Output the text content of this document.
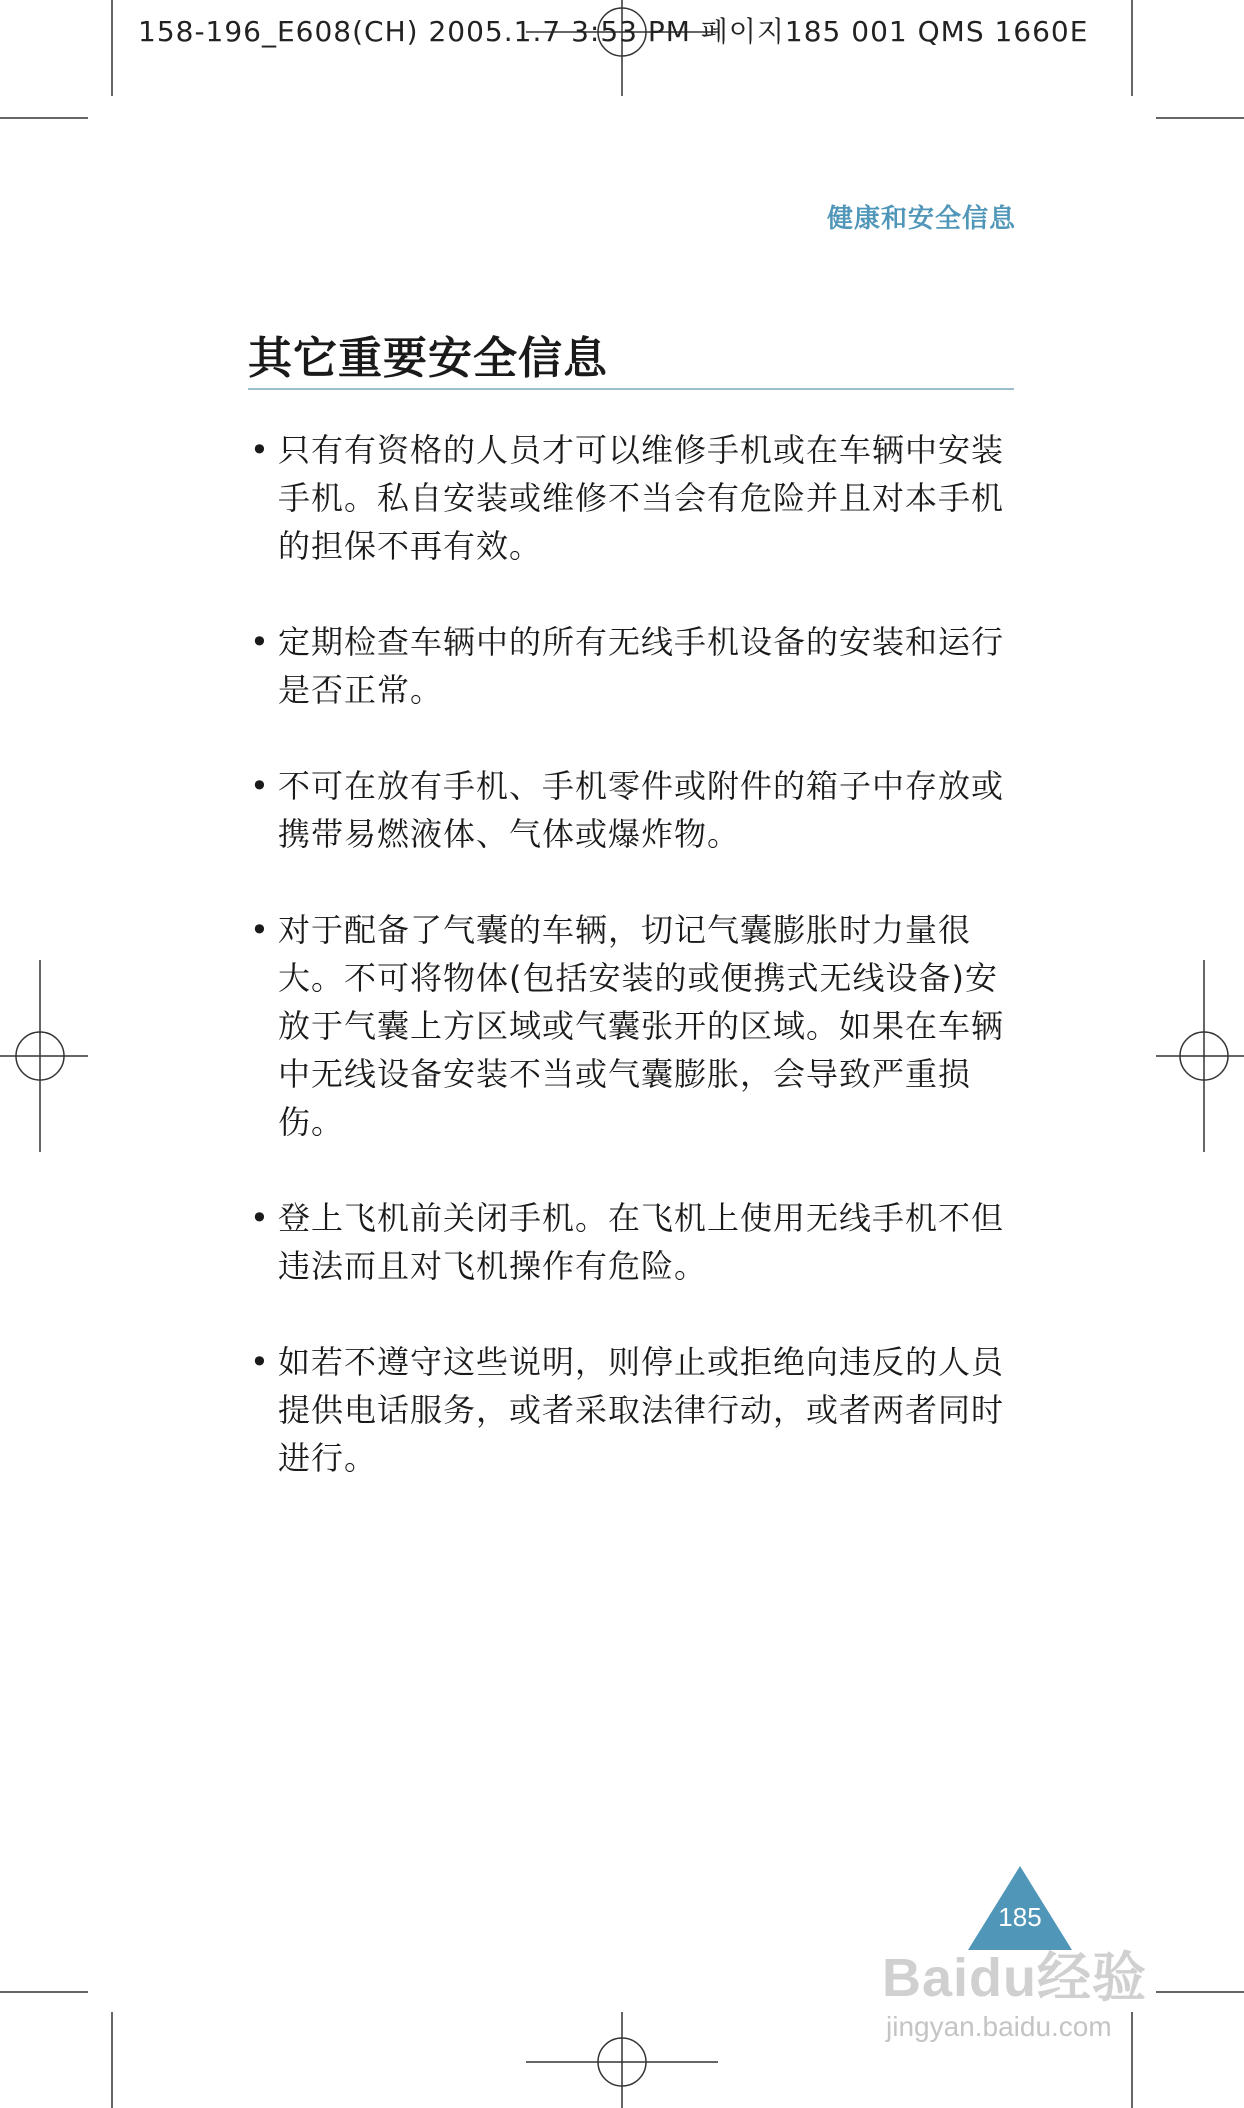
158-196_E608(CH) 2005.1.7 3:53 PM 페이지185 001 QMS 1660E
健康和安全信息
其它重要安全信息
• 只有有资格的人员才可以维修手机或在车辆中安装手机。私自安装或维修不当会有危险并且对本手机的担保不再有效。
• 定期检查车辆中的所有无线手机设备的安装和运行是否正常。
• 不可在放有手机、手机零件或附件的箱子中存放或携带易燃液体、气体或爆炸物。
• 对于配备了气囊的车辆，切记气囊膨胀时力量很大。不可将物体(包括安装的或便携式无线设备)安放于气囊上方区域或气囊张开的区域。如果在车辆中无线设备安装不当或气囊膨胀，会导致严重损伤。
• 登上飞机前关闭手机。在飞机上使用无线手机不但违法而且对飞机操作有危险。
• 如若不遵守这些说明，则停止或拒绝向违反的人员提供电话服务，或者采取法律行动，或者两者同时进行。
185
Baidu经验
jingyan.baidu.com
